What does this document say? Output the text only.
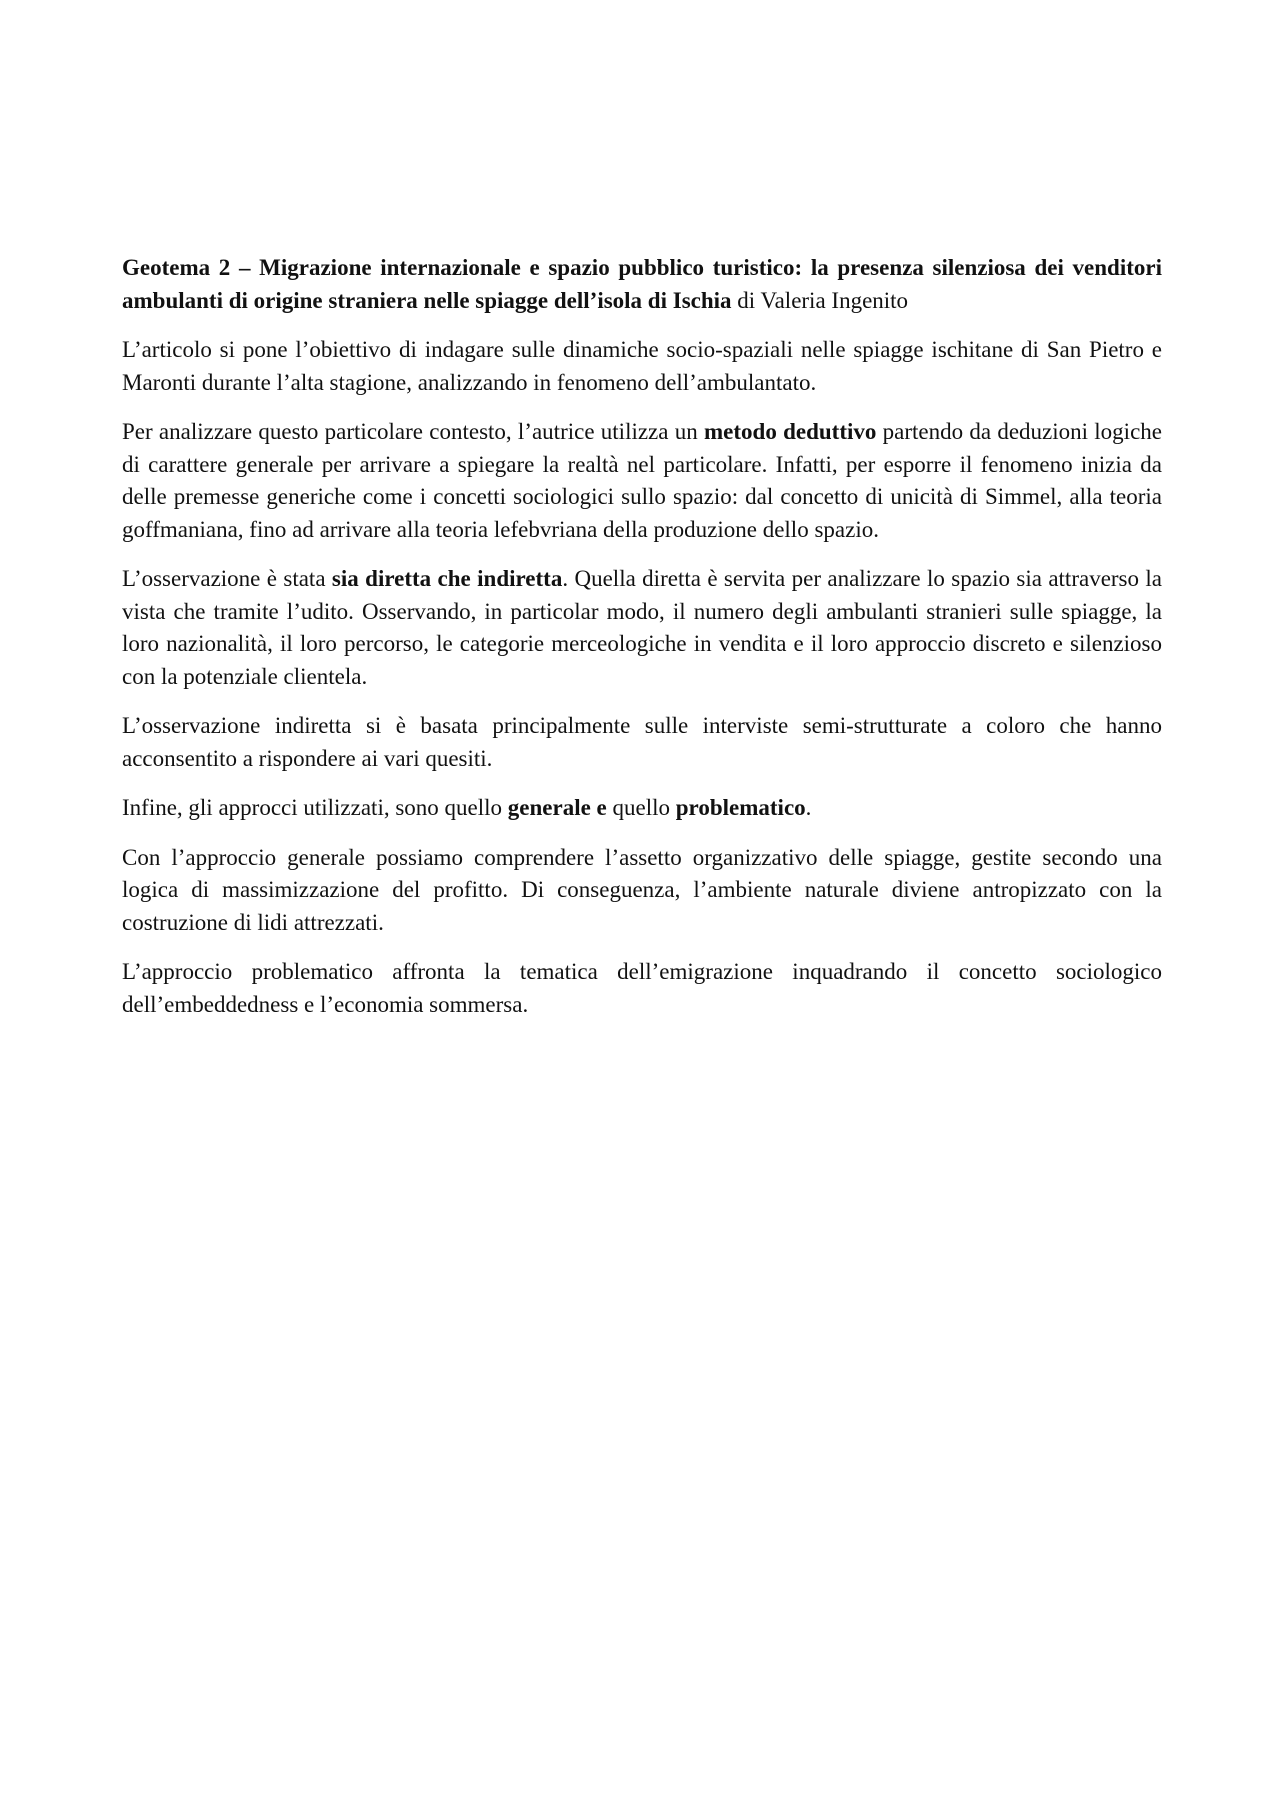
Geotema 2 – Migrazione internazionale e spazio pubblico turistico: la presenza silenziosa dei venditori ambulanti di origine straniera nelle spiagge dell’isola di Ischia di Valeria Ingenito

L’articolo si pone l’obiettivo di indagare sulle dinamiche socio-spaziali nelle spiagge ischitane di San Pietro e Maronti durante l’alta stagione, analizzando in fenomeno dell’ambulantato.

Per analizzare questo particolare contesto, l’autrice utilizza un metodo deduttivo partendo da deduzioni logiche di carattere generale per arrivare a spiegare la realtà nel particolare. Infatti, per esporre il fenomeno inizia da delle premesse generiche come i concetti sociologici sullo spazio: dal concetto di unicità di Simmel, alla teoria goffmaniana, fino ad arrivare alla teoria lefebvriana della produzione dello spazio.

L’osservazione è stata sia diretta che indiretta. Quella diretta è servita per analizzare lo spazio sia attraverso la vista che tramite l’udito. Osservando, in particolar modo, il numero degli ambulanti stranieri sulle spiagge, la loro nazionalità, il loro percorso, le categorie merceologiche in vendita e il loro approccio discreto e silenzioso con la potenziale clientela.

L’osservazione indiretta si è basata principalmente sulle interviste semi-strutturate a coloro che hanno acconsentito a rispondere ai vari quesiti.

Infine, gli approcci utilizzati, sono quello generale e quello problematico.

Con l’approccio generale possiamo comprendere l’assetto organizzativo delle spiagge, gestite secondo una logica di massimizzazione del profitto. Di conseguenza, l’ambiente naturale diviene antropizzato con la costruzione di lidi attrezzati.

L’approccio problematico affronta la tematica dell’emigrazione inquadrando il concetto sociologico dell’embeddedness e l’economia sommersa.
